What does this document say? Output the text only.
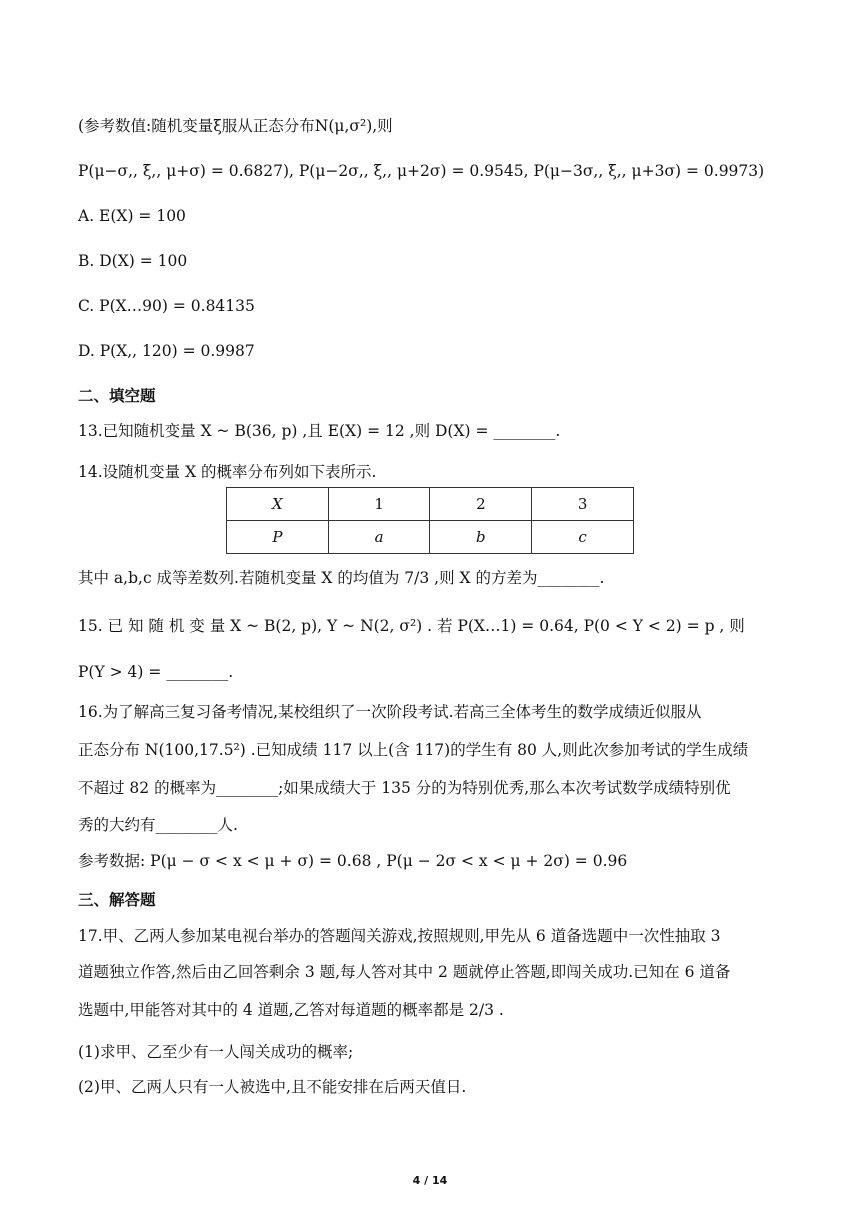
(参考数值:随机变量ξ服从正态分布N(μ,σ²),则
P(μ−σ,, ξ,, μ+σ) = 0.6827), P(μ−2σ,, ξ,, μ+2σ) = 0.9545, P(μ−3σ,, ξ,, μ+3σ) = 0.9973)
A. E(X) = 100
B. D(X) = 100
C. P(X…90) = 0.84135
D. P(X,, 120) = 0.9987
二、填空题
13.已知随机变量 X ~ B(36, p) ,且 E(X) = 12 ,则 D(X) = ________.
14.设随机变量 X 的概率分布列如下表所示.
X	1	2	3
P	a	b	c
其中 a,b,c 成等差数列.若随机变量 X 的均值为 7/3 ,则 X 的方差为________.
15. 已 知 随 机 变 量 X ~ B(2, p), Y ~ N(2, σ²) . 若 P(X…1) = 0.64, P(0 < Y < 2) = p , 则
P(Y > 4) = ________.
16.为了解高三复习备考情况,某校组织了一次阶段考试.若高三全体考生的数学成绩近似服从
正态分布 N(100,17.5²) .已知成绩 117 以上(含 117)的学生有 80 人,则此次参加考试的学生成绩
不超过 82 的概率为________;如果成绩大于 135 分的为特别优秀,那么本次考试数学成绩特别优
秀的大约有________人.
参考数据: P(μ − σ < x < μ + σ) = 0.68 , P(μ − 2σ < x < μ + 2σ) = 0.96
三、解答题
17.甲、乙两人参加某电视台举办的答题闯关游戏,按照规则,甲先从 6 道备选题中一次性抽取 3
道题独立作答,然后由乙回答剩余 3 题,每人答对其中 2 题就停止答题,即闯关成功.已知在 6 道备
选题中,甲能答对其中的 4 道题,乙答对每道题的概率都是 2/3 .
(1)求甲、乙至少有一人闯关成功的概率;
(2)甲、乙两人只有一人被选中,且不能安排在后两天值日.
4 / 14
